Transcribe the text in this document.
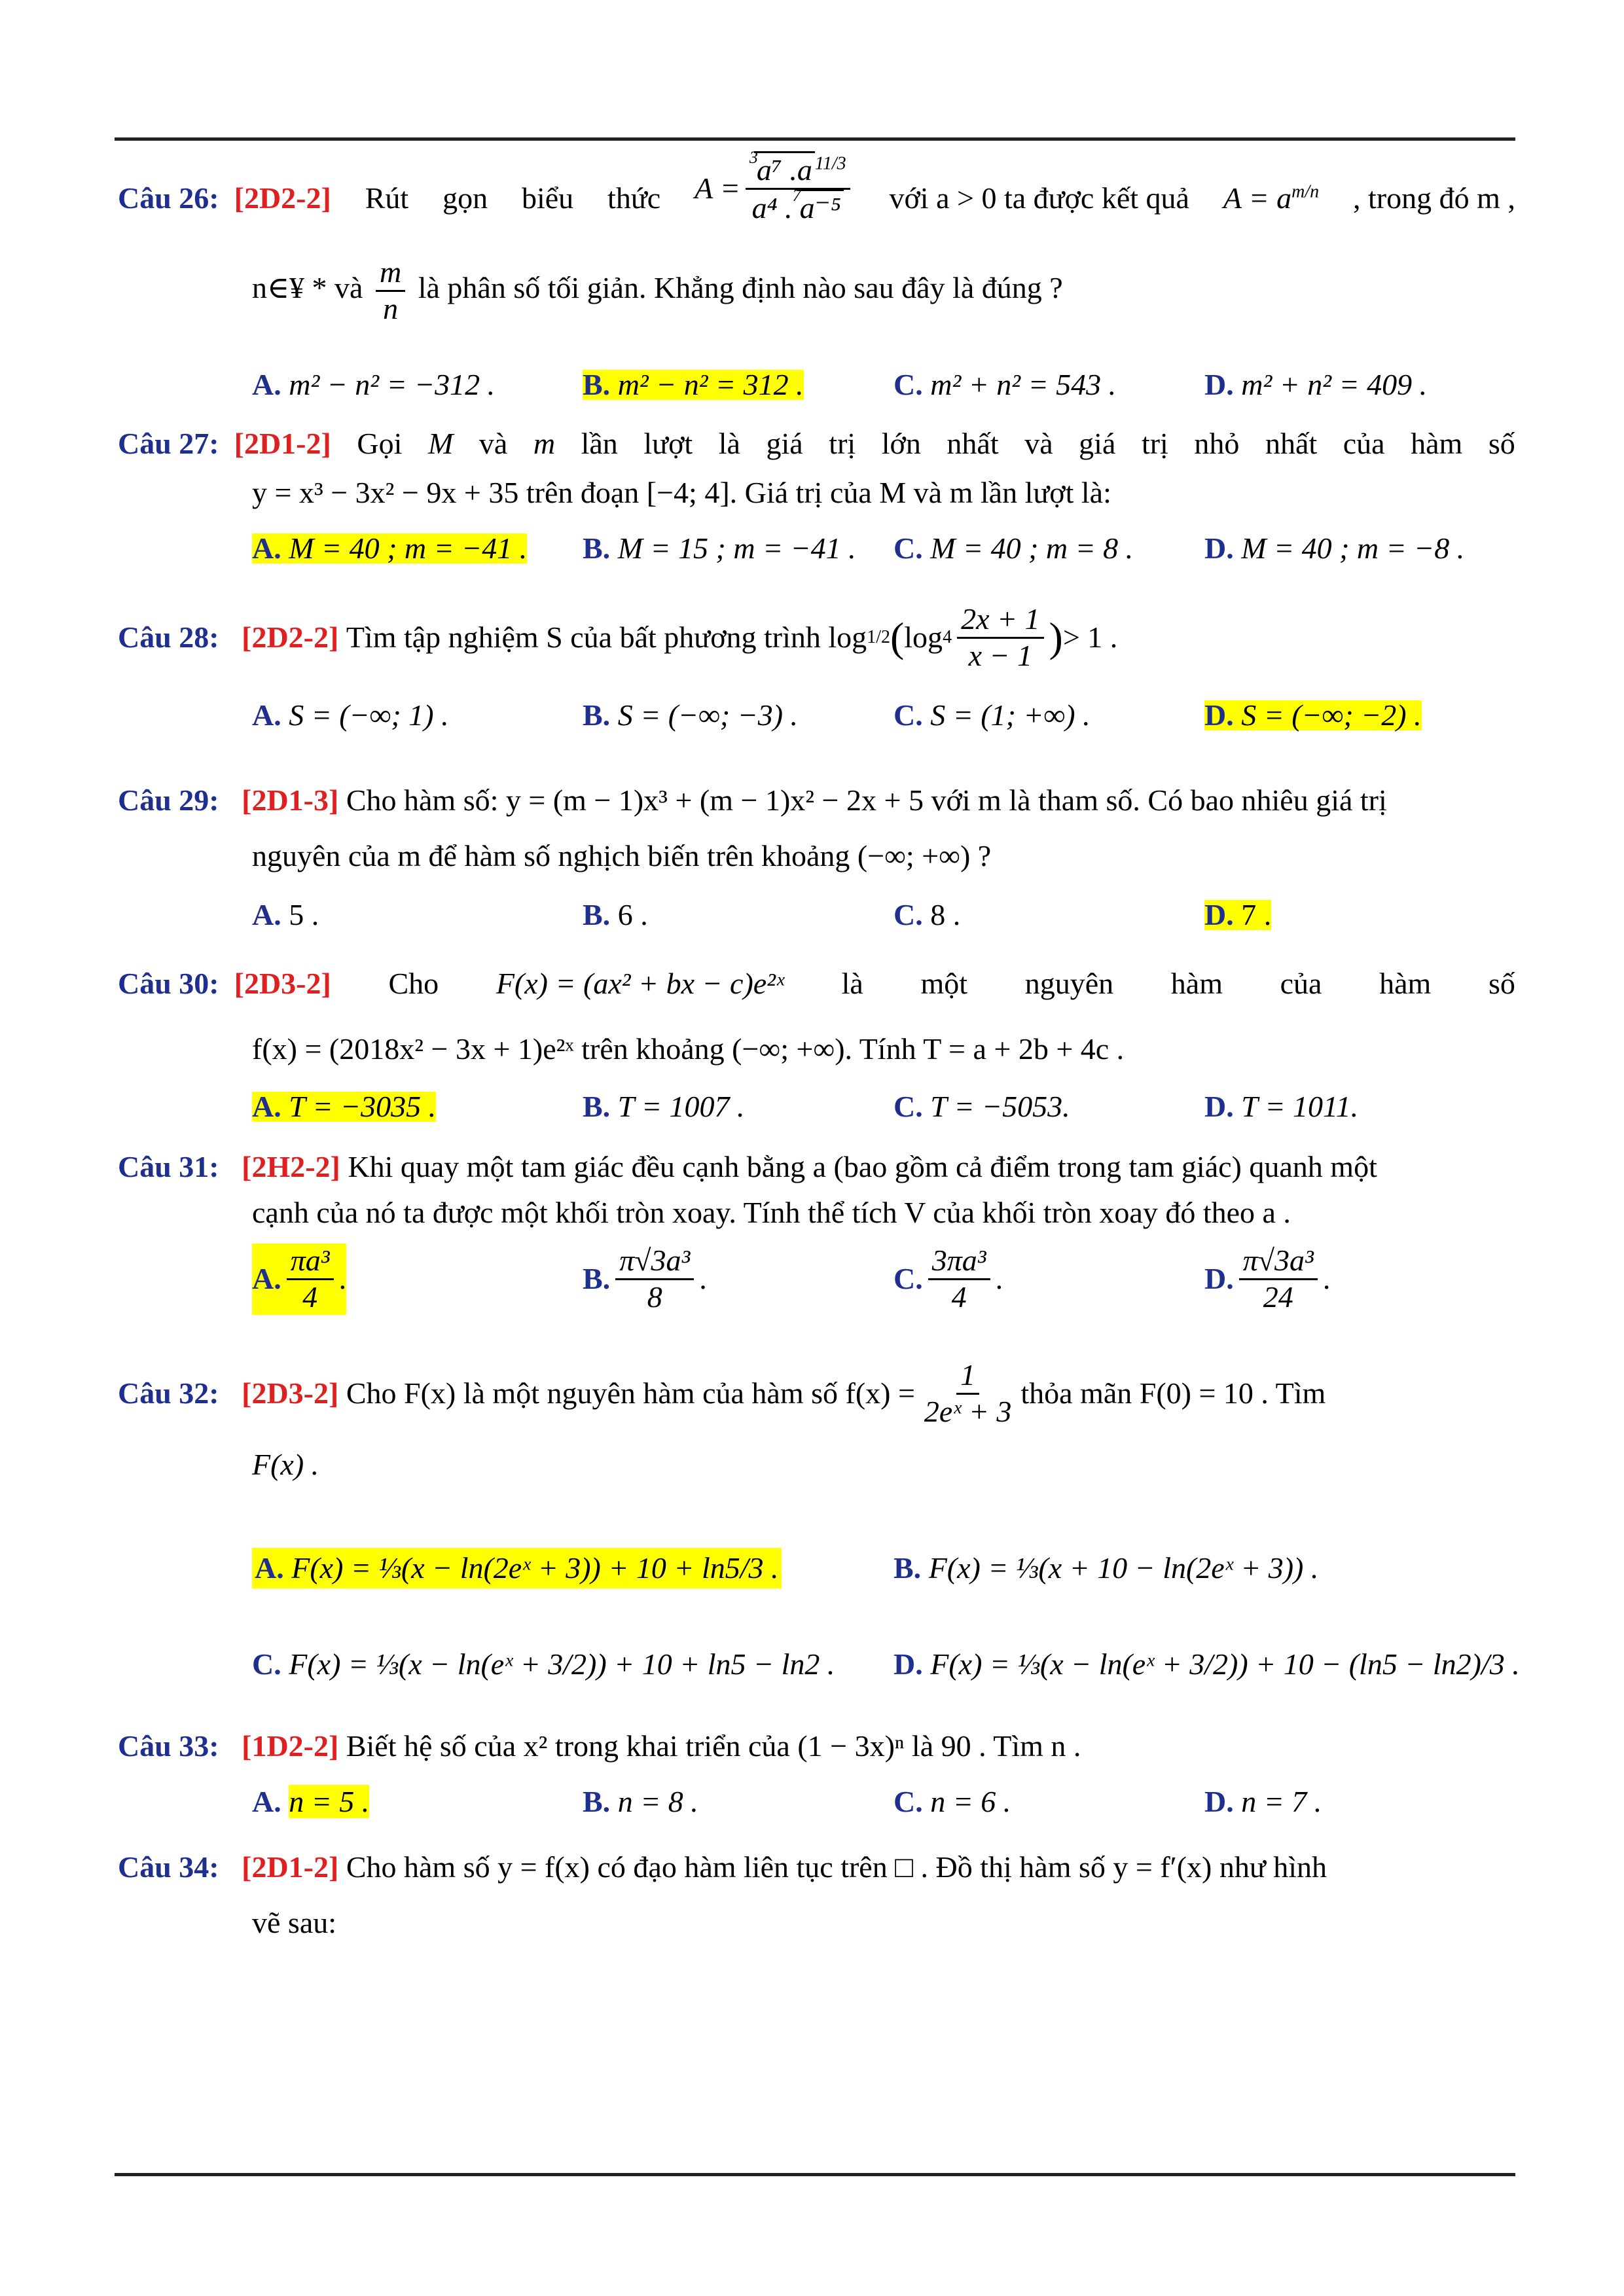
Câu 26: [2D2-2] Rút gọn biểu thức $A = \frac{^3a^7 .a ^{11/3}}{a^4 .^7a^{-5}}$ với a > 0 ta được kết quả $A = a^{m/n}$ , trong đó m ,
n∈¥ * và $\frac{m}{n}$ là phân số tối giản. Khẳng định nào sau đây là đúng ?
A. m² − n² = −312 .	B. m² − n² = 312 .	C. m² + n² = 543 .	D. m² + n² = 409 .
Câu 27: [2D1-2] Gọi M và m lần lượt là giá trị lớn nhất và giá trị nhỏ nhất của hàm số
y = x³ − 3x² − 9x + 35 trên đoạn [−4; 4]. Giá trị của M và m lần lượt là:
A. M = 40 ; m = −41 . B. M = 15 ; m = −41 . C. M = 40 ; m = 8 . D. M = 40 ; m = −8 .
Câu 28:
[2D2-2]
Tìm tập nghiệm S của bất phương trình
log 1/2 ( $\log 4 \frac{2x + 1}{x - 1}$ ) > 1 .
A. S = (−∞; 1) .	B. S = (−∞; −3) .	C. S = (1; +∞) .	D. S = (−∞; −2) .
Câu 29: [2D1-3] Cho hàm số: y = (m − 1)x³ + (m − 1)x² − 2x + 5 với m là tham số. Có bao nhiêu giá trị
nguyên của m để hàm số nghịch biến trên khoảng (−∞; +∞) ?
A. 5 .	B. 6 .	C. 8 .	D. 7 .
Câu 30: [2D3-2] Cho F(x) = (ax² + bx − c)e²ˣ là một nguyên hàm của hàm số
f(x) = (2018x² − 3x + 1)e²ˣ trên khoảng (−∞; +∞). Tính T = a + 2b + 4c .
A. T = −3035 .	B. T = 1007 .	C. T = −5053.	D. T = 1011.
Câu 31: [2H2-2] Khi quay một tam giác đều cạnh bằng a (bao gồm cả điểm trong tam giác) quanh một
cạnh của nó ta được một khối tròn xoay. Tính thể tích V của khối tròn xoay đó theo a .
A. $\frac{\text{πa³}}{4}$ .	B. $\frac{\text{π√3a³}}{8}$ .	C. $\frac{\text{3πa³}}{4}$ .	D. $\frac{\text{π√3a³}}{24}$ .
Câu 32:
[2D3-2]
Cho F(x) là một nguyên hàm của hàm số $f(x) = \frac{1}{\text{2eˣ + 3}}$ thỏa mãn F(0) = 10 . Tìm
F(x) .
A. F(x) = ⅓(x − ln(2eˣ + 3)) + 10 + ln5/3 .	B. F(x) = ⅓(x + 10 − ln(2eˣ + 3)) .
C. F(x) = ⅓(x − ln(eˣ + 3/2)) + 10 + ln5 − ln2 . D. F(x) = ⅓(x − ln(eˣ + 3/2)) + 10 − (ln5 − ln2)/3 .
Câu 33: [1D2-2] Biết hệ số của x² trong khai triển của (1 − 3x)ⁿ là 90 . Tìm n .
A. n = 5 .	B. n = 8 .	C. n = 6 .	D. n = 7 .
Câu 34: [2D1-2] Cho hàm số y = f(x) có đạo hàm liên tục trên □ . Đồ thị hàm số y = f′(x) như hình
vẽ sau:
